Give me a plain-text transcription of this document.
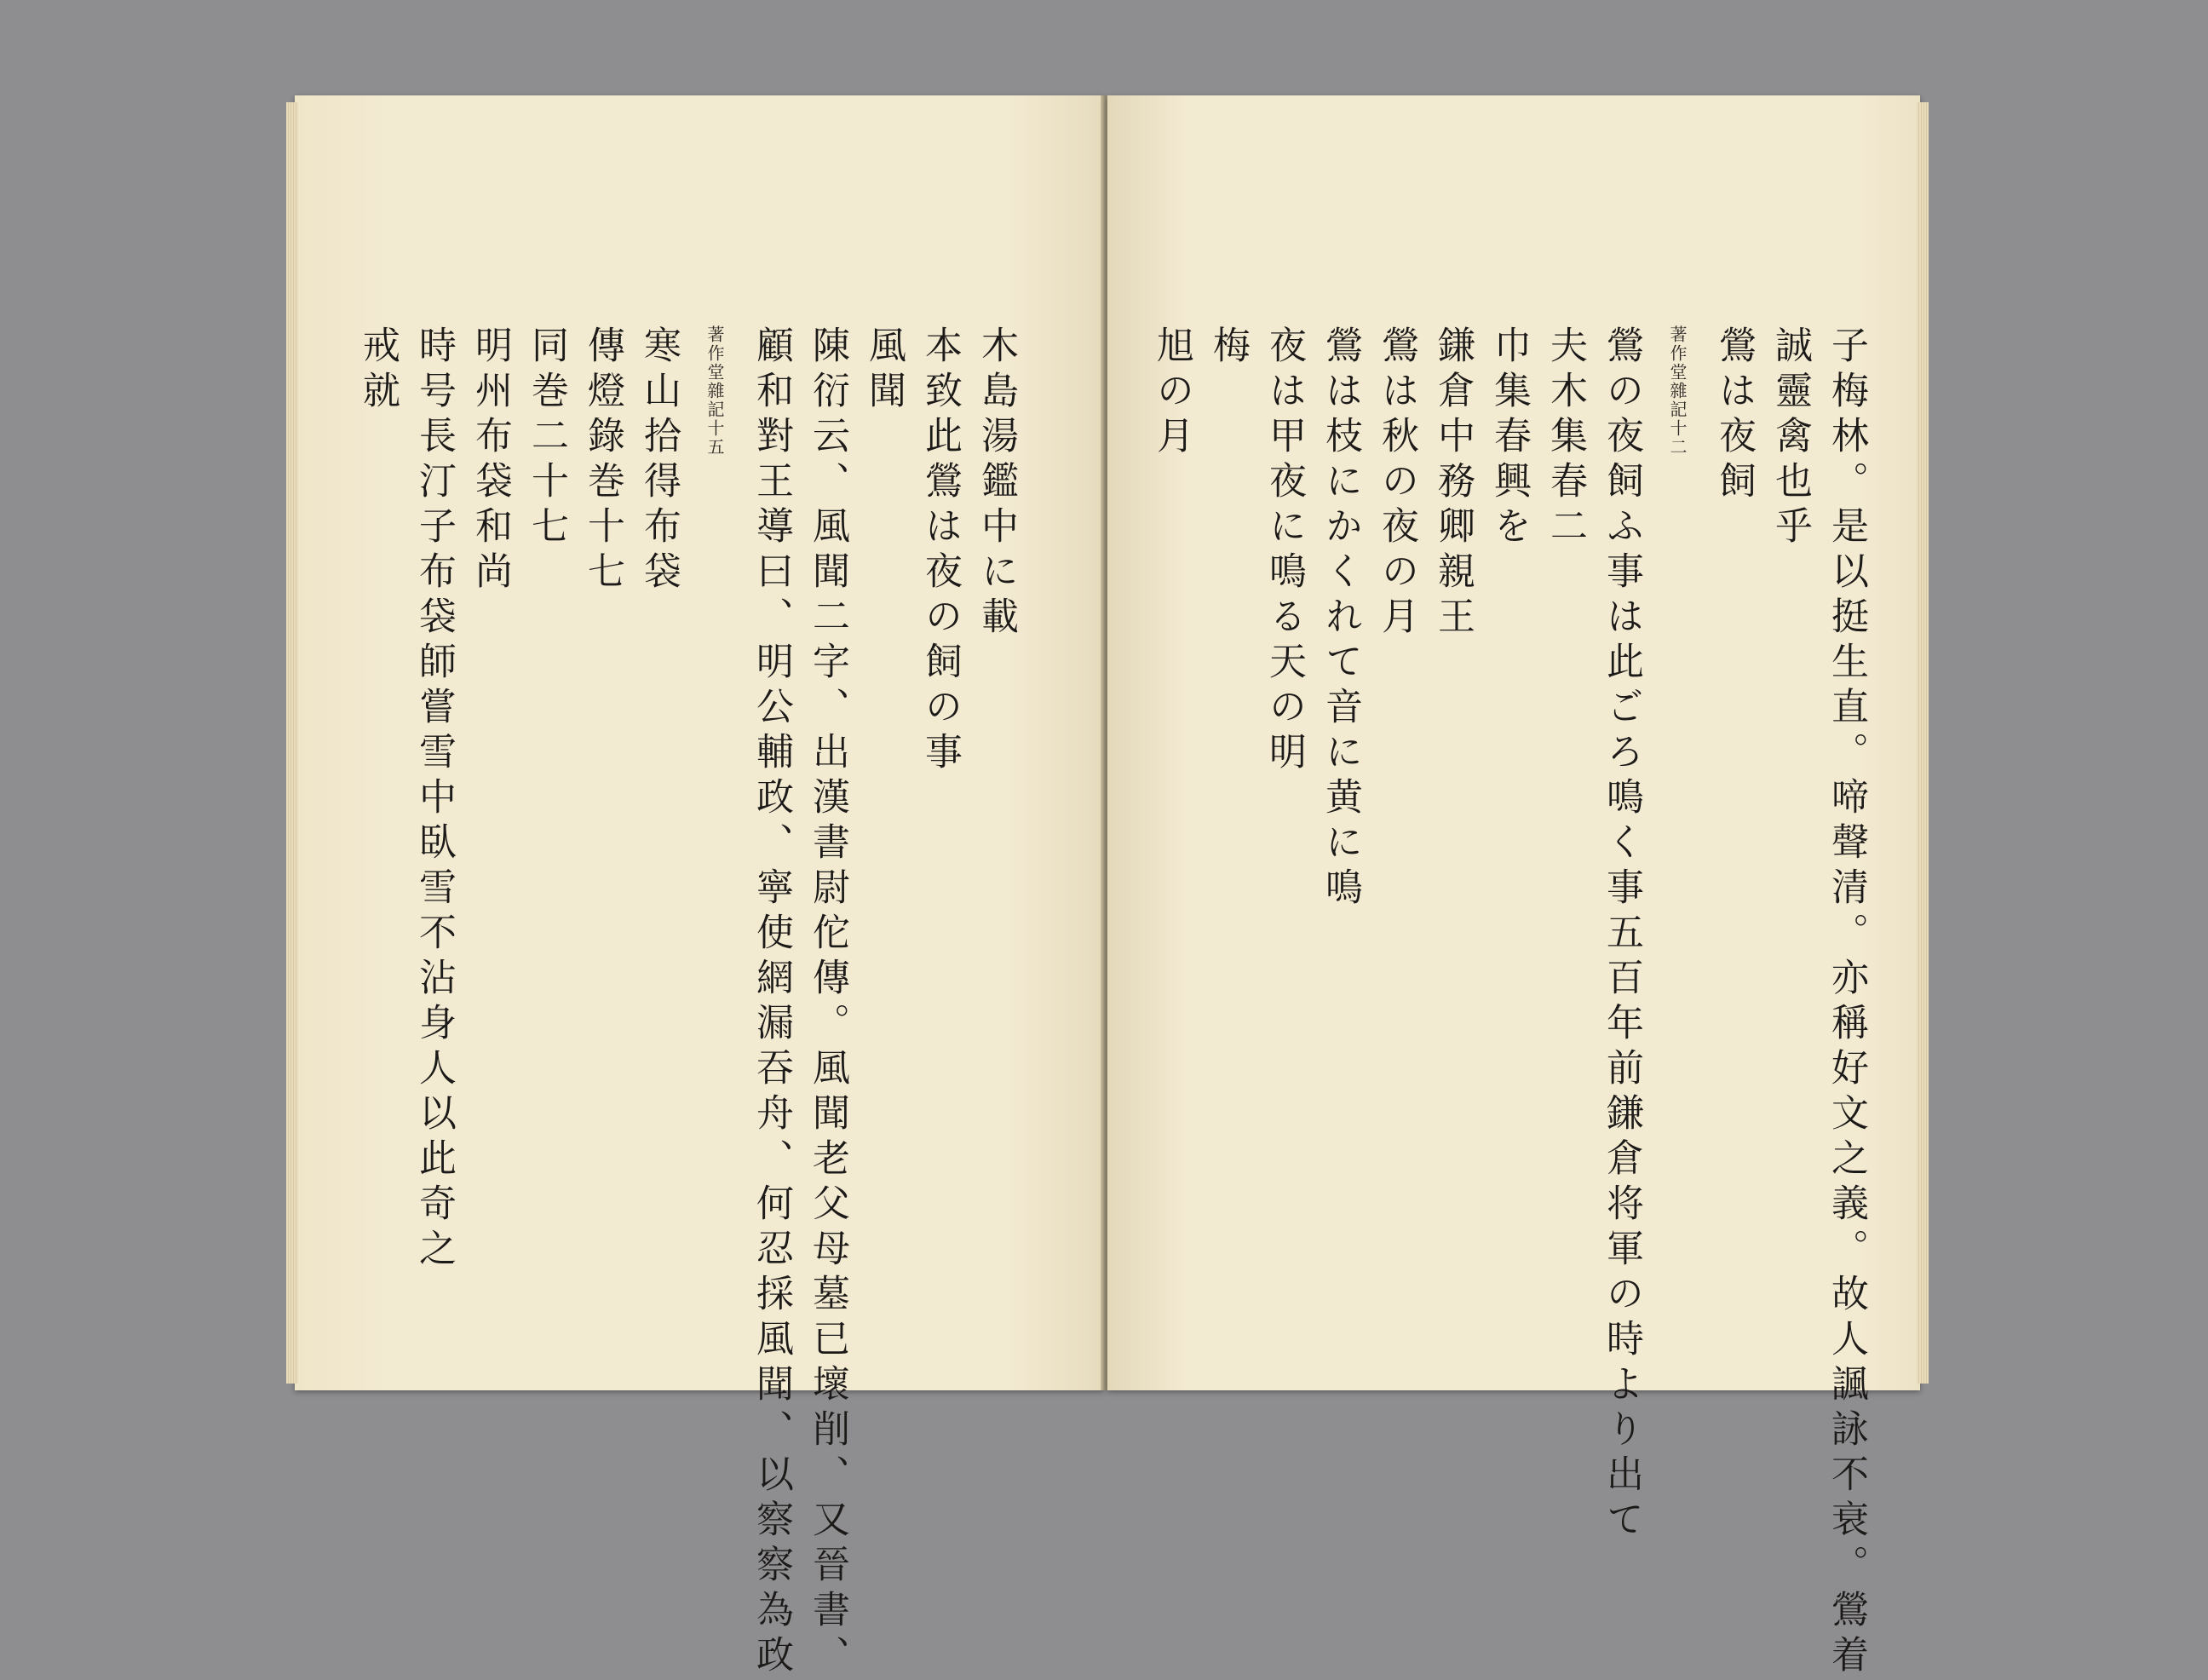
木島湯鑑中に載
本致此鶯は夜の飼の事
風聞
陳衍云、風聞二字、出漢書尉佗傳。風聞老父母墓已壞削、又晉書、
顧和對王導曰、明公輔政、寧使網漏吞舟、何忍採風聞、以察察為政
著作堂雜記十五
寒山拾得布袋
傳燈錄巻十七
同巻二十七
明州布袋和尚
時号長汀子布袋師嘗雪中臥雪不沾身人以此奇之
戒就	子梅林。是以挺生直。啼聲清。亦稱好文之義。故人諷詠不衰。鶯着
誠靈禽也乎
鶯は夜飼
著作堂雜記十二
鶯の夜飼ふ事は此ごろ鳴く事五百年前鎌倉将軍の時より出て
夫木集春二
巾集春興を
鎌倉中務卿親王
鶯は秋の夜の月
鶯は枝にかくれて音に黄に鳴
夜は甲夜に鳴る天の明
梅
旭の月
